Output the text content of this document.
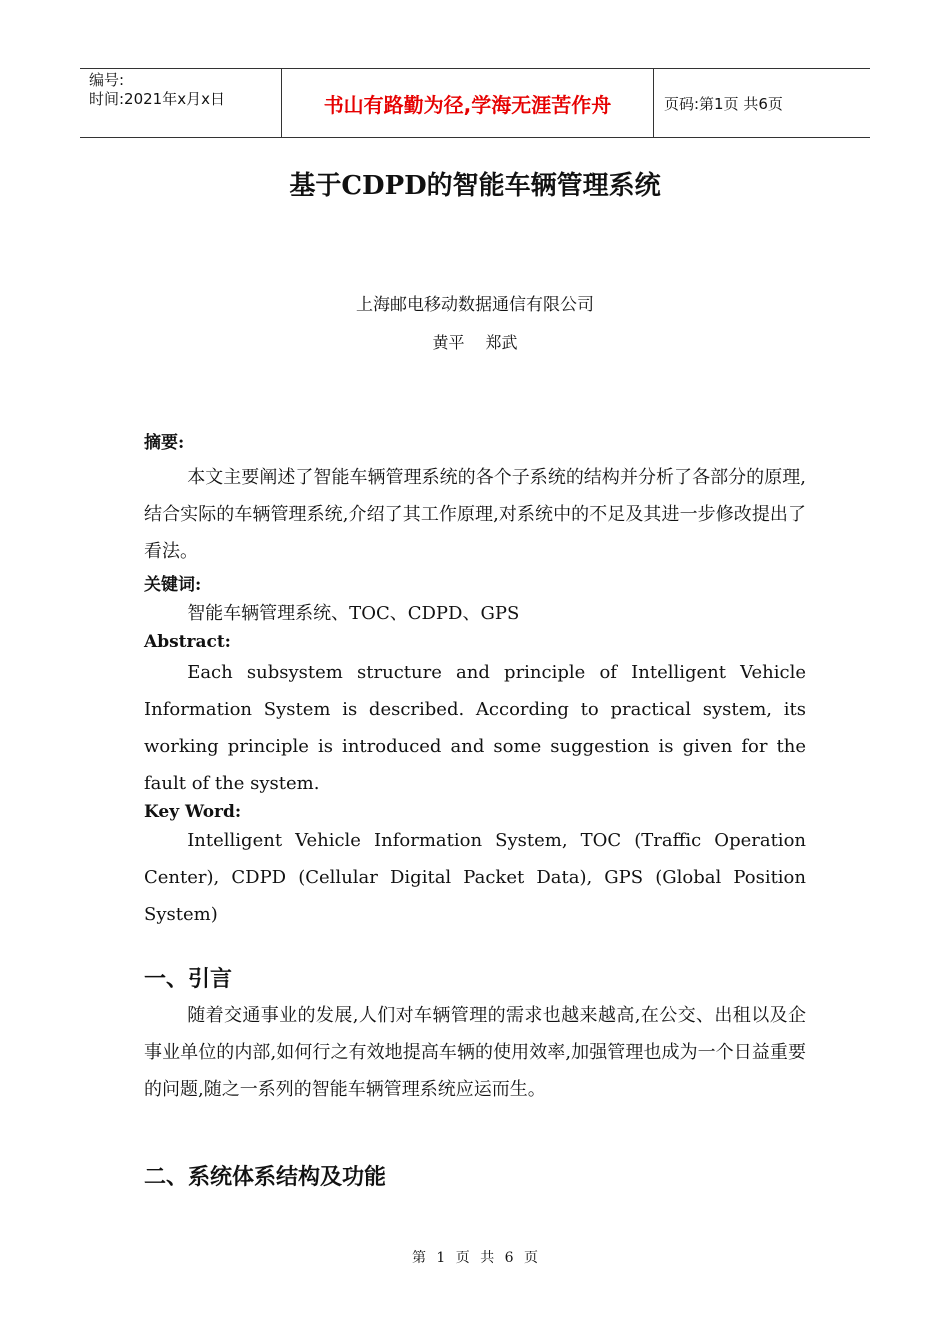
编号:
时间:2021年x月x日	书山有路勤为径,学海无涯苦作舟	页码:第1页 共6页
基于CDPD的智能车辆管理系统
上海邮电移动数据通信有限公司
黄平 郑武
摘要:
本文主要阐述了智能车辆管理系统的各个子系统的结构并分析了各部分的原理,结合实际的车辆管理系统,介绍了其工作原理,对系统中的不足及其进一步修改提出了看法。
关键词:
智能车辆管理系统、TOC、CDPD、GPS
Abstract:
Each subsystem structure and principle of Intelligent Vehicle Information System is described. According to practical system, its working principle is introduced and some suggestion is given for the fault of the system.
Key Word:
Intelligent Vehicle Information System, TOC (Traffic Operation Center), CDPD (Cellular Digital Packet Data), GPS (Global Position System)
一、引言
随着交通事业的发展,人们对车辆管理的需求也越来越高,在公交、出租以及企事业单位的内部,如何行之有效地提高车辆的使用效率,加强管理也成为一个日益重要的问题,随之一系列的智能车辆管理系统应运而生。
二、系统体系结构及功能
第 1 页 共 6 页
